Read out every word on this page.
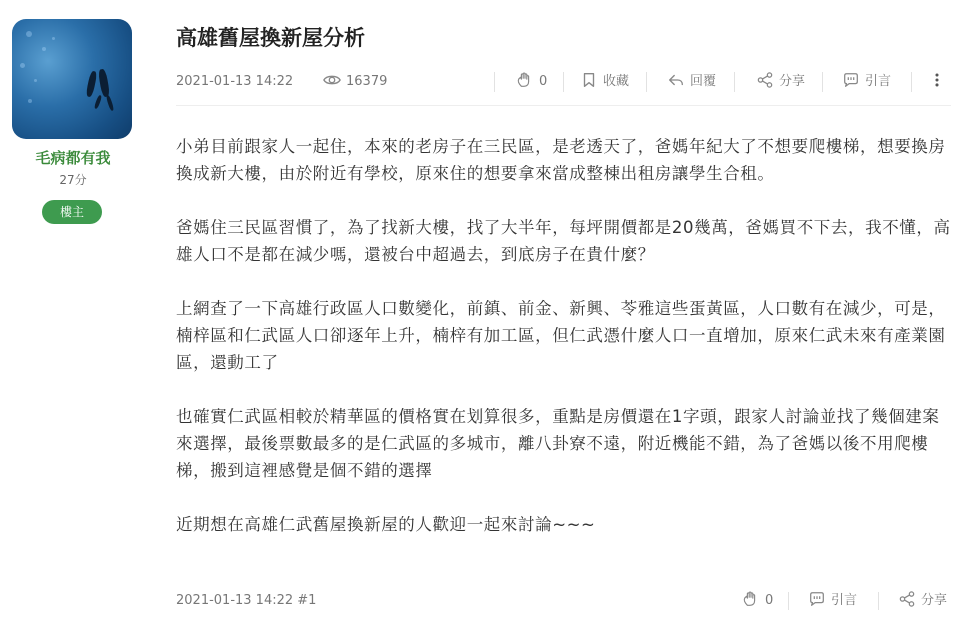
毛病都有我
27分
樓主
高雄舊屋換新屋分析
2021-01-13 14:22	16379	0	收藏	回覆	分享	引言

小弟目前跟家人一起住，本來的老房子在三民區，是老透天了，爸媽年紀大了不想要爬樓梯，想要換房換成新大樓，由於附近有學校，原來住的想要拿來當成整棟出租房讓學生合租。

爸媽住三民區習慣了，為了找新大樓，找了大半年，每坪開價都是20幾萬，爸媽買不下去，我不懂，高雄人口不是都在減少嗎，還被台中超過去，到底房子在貴什麼？

上網查了一下高雄行政區人口數變化，前鎮、前金、新興、苓雅這些蛋黃區，人口數有在減少，可是，楠梓區和仁武區人口卻逐年上升，楠梓有加工區，但仁武憑什麼人口一直增加，原來仁武未來有產業園區，還動工了

也確實仁武區相較於精華區的價格實在划算很多，重點是房價還在1字頭，跟家人討論並找了幾個建案來選擇，最後票數最多的是仁武區的多城市，離八卦寮不遠，附近機能不錯，為了爸媽以後不用爬樓梯，搬到這裡感覺是個不錯的選擇

近期想在高雄仁武舊屋換新屋的人歡迎一起來討論~~~

2021-01-13 14:22 #1	0	引言	分享
